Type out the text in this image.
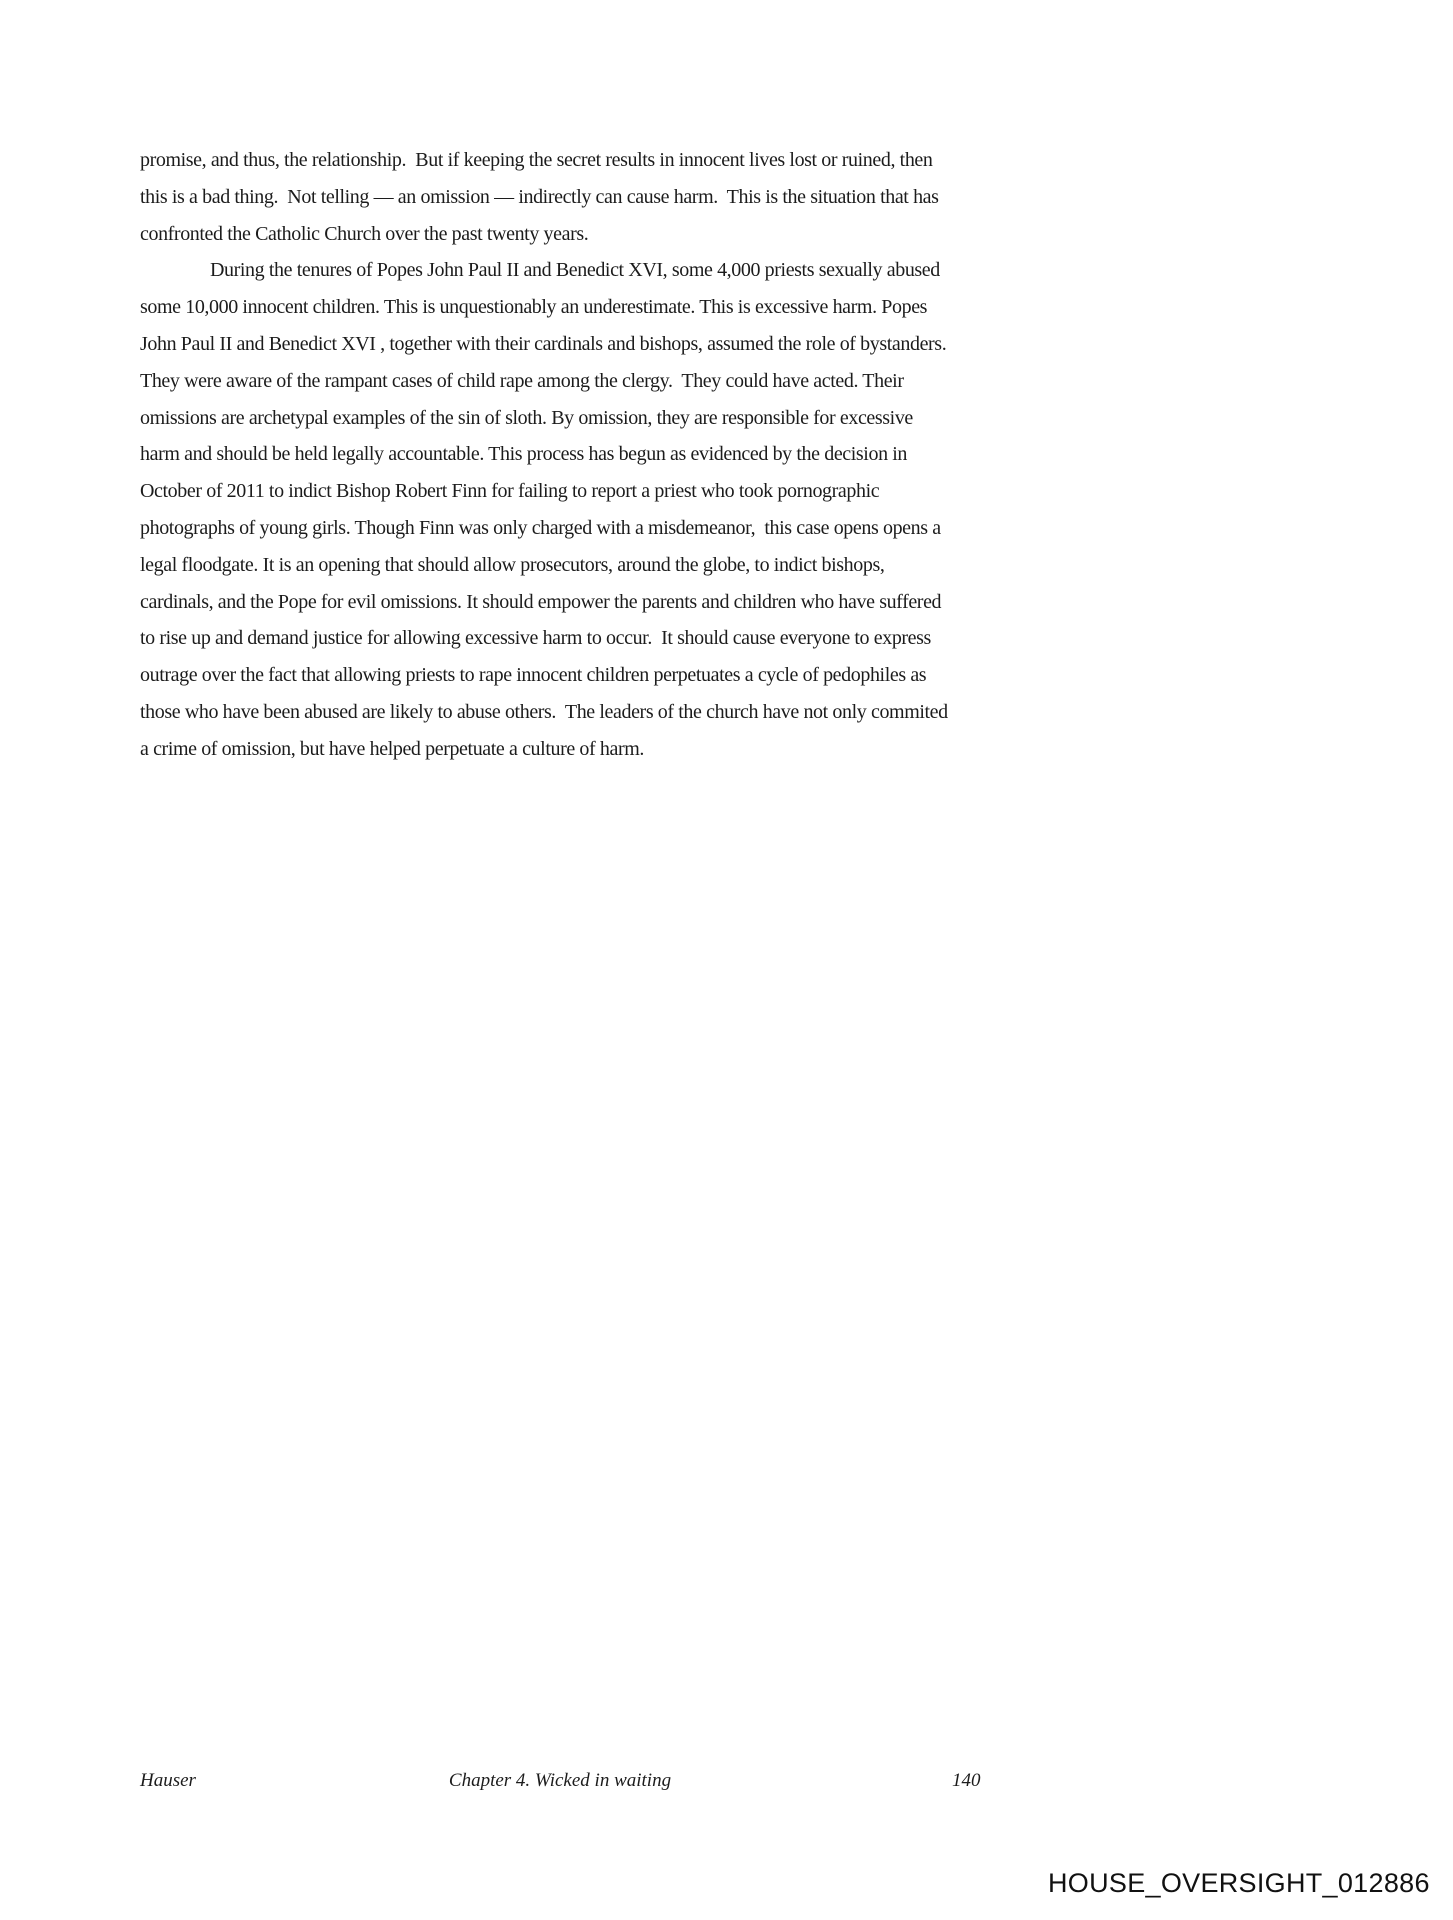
promise, and thus, the relationship.  But if keeping the secret results in innocent lives lost or ruined, then
this is a bad thing.  Not telling — an omission — indirectly can cause harm.  This is the situation that has
confronted the Catholic Church over the past twenty years.
During the tenures of Popes John Paul II and Benedict XVI, some 4,000 priests sexually abused
some 10,000 innocent children. This is unquestionably an underestimate. This is excessive harm. Popes
John Paul II and Benedict XVI , together with their cardinals and bishops, assumed the role of bystanders.
They were aware of the rampant cases of child rape among the clergy.  They could have acted. Their
omissions are archetypal examples of the sin of sloth. By omission, they are responsible for excessive
harm and should be held legally accountable. This process has begun as evidenced by the decision in
October of 2011 to indict Bishop Robert Finn for failing to report a priest who took pornographic
photographs of young girls. Though Finn was only charged with a misdemeanor,  this case opens opens a
legal floodgate. It is an opening that should allow prosecutors, around the globe, to indict bishops,
cardinals, and the Pope for evil omissions. It should empower the parents and children who have suffered
to rise up and demand justice for allowing excessive harm to occur.  It should cause everyone to express
outrage over the fact that allowing priests to rape innocent children perpetuates a cycle of pedophiles as
those who have been abused are likely to abuse others.  The leaders of the church have not only commited
a crime of omission, but have helped perpetuate a culture of harm.
Hauser	Chapter 4. Wicked in waiting	140
HOUSE_OVERSIGHT_012886
